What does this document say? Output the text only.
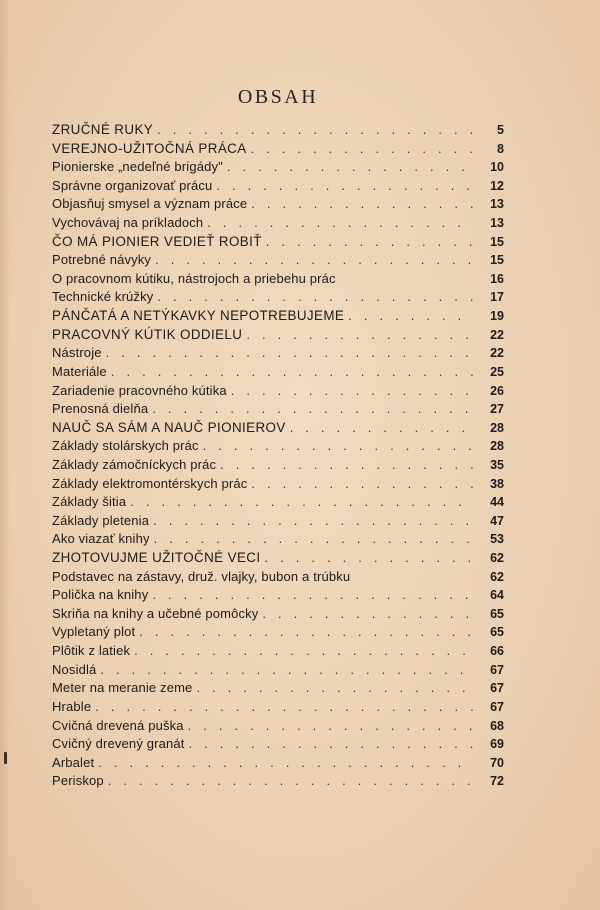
OBSAH
ZRUČNÉ RUKY . . .	5
VEREJNO-UŽITOČNÁ PRÁCA . . .	8
Pionierske „nedeľné brigády" . . .	10
Správne organizovať prácu . . .	12
Objasňuj smysel a význam práce . . .	13
Vychovávaj na príkladoch . . .	13
ČO MÁ PIONIER VEDIEŤ ROBIŤ . . .	15
Potrebné návyky . . .	15
O pracovnom kútiku, nástrojoch a priebehu prác	16
Technické krúžky . . .	17
PÁNČATÁ A NETÝKAVKY NEPOTREBUJEME . . .	19
PRACOVNÝ KÚTIK ODDIELU . . .	22
Nástroje . . .	22
Materiále . . .	25
Zariadenie pracovného kútika . . .	26
Prenosná dielňa . . .	27
NAUČ SA SÁM A NAUČ PIONIEROV . . .	28
Základy stolárskych prác . . .	28
Základy zámočníckych prác . . .	35
Základy elektromontérskych prác . . .	38
Základy šitia . . .	44
Základy pletenia . . .	47
Ako viazať knihy . . .	53
ZHOTOVUJME UŽITOČNÉ VECI . . .	62
Podstavec na zástavy, druž. vlajky, bubon a trúbku	62
Polička na knihy . . .	64
Skriňa na knihy a učebné pomôcky . . .	65
Vypletaný plot . . .	65
Plôtik z latiek . . .	66
Nosidlá . . .	67
Meter na meranie zeme . . .	67
Hrable . . .	67
Cvičná drevená puška . . .	68
Cvičný drevený granát . . .	69
Arbalet . . .	70
Periskop . . .	72
